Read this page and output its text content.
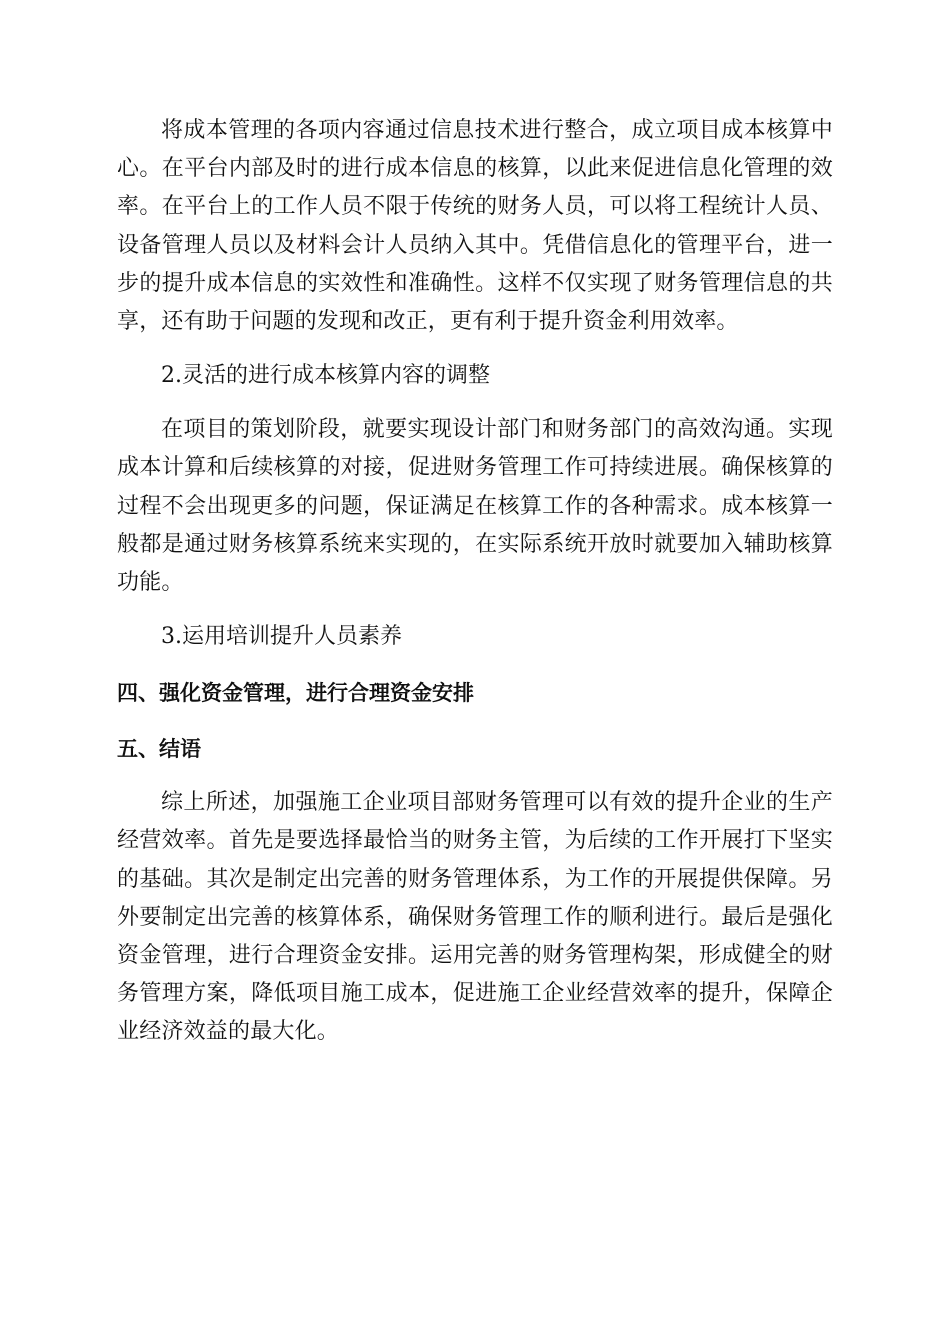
将成本管理的各项内容通过信息技术进行整合，成立项目成本核算中心。在平台内部及时的进行成本信息的核算，以此来促进信息化管理的效率。在平台上的工作人员不限于传统的财务人员，可以将工程统计人员、设备管理人员以及材料会计人员纳入其中。凭借信息化的管理平台，进一步的提升成本信息的实效性和准确性。这样不仅实现了财务管理信息的共享，还有助于问题的发现和改正，更有利于提升资金利用效率。

2.灵活的进行成本核算内容的调整

在项目的策划阶段，就要实现设计部门和财务部门的高效沟通。实现成本计算和后续核算的对接，促进财务管理工作可持续进展。确保核算的过程不会出现更多的问题，保证满足在核算工作的各种需求。成本核算一般都是通过财务核算系统来实现的，在实际系统开放时就要加入辅助核算功能。

3.运用培训提升人员素养

四、强化资金管理，进行合理资金安排

五、结语

综上所述，加强施工企业项目部财务管理可以有效的提升企业的生产经营效率。首先是要选择最恰当的财务主管，为后续的工作开展打下坚实的基础。其次是制定出完善的财务管理体系，为工作的开展提供保障。另外要制定出完善的核算体系，确保财务管理工作的顺利进行。最后是强化资金管理，进行合理资金安排。运用完善的财务管理构架，形成健全的财务管理方案，降低项目施工成本，促进施工企业经营效率的提升，保障企业经济效益的最大化。
